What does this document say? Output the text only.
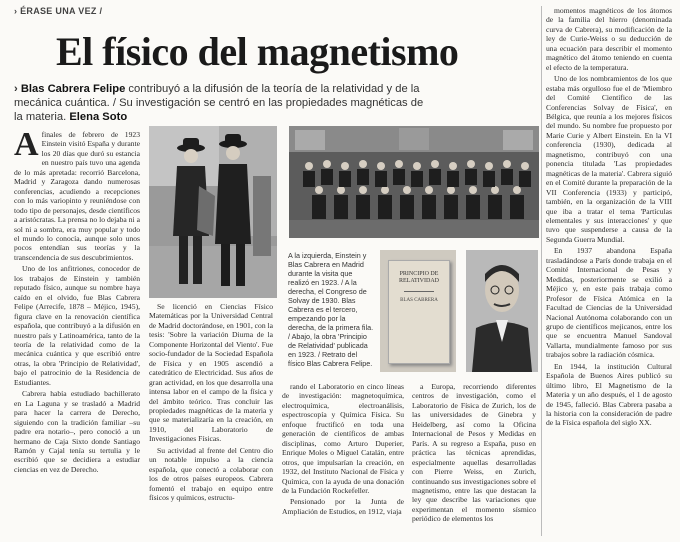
› ÉRASE UNA VEZ /
El físico del magnetismo
› Blas Cabrera Felipe contribuyó a la difusión de la teoría de la relatividad y de la mecánica cuántica. / Su investigación se centró en las propiedades magnéticas de la materia. Elena Soto

Afinales de febrero de 1923 Einstein visitó España y durante los 20 días que duró su estancia en nuestro país tuvo una agenda de lo más apretada: recorrió Barcelona, Madrid y Zaragoza dando numerosas conferencias, acudiendo a recepciones con lo más variopinto y reuniéndose con todo tipo de personajes, desde científicos a aristócratas. La prensa no lo dejaba ni a sol ni a sombra, era muy popular y todo el mundo lo conocía, aunque solo unos pocos entendían sus teorías y la transcendencia de sus descubrimientos.

Uno de los anfitriones, conocedor de los trabajos de Einstein y también reputado físico, aunque su nombre haya caído en el olvido, fue Blas Cabrera Felipe (Arrecife, 1878 – Méjico, 1945), figura clave en la renovación científica española, que contribuyó a la difusión en nuestro país y Latinoamérica, tanto de la teoría de la relatividad como de la mecánica cuántica y que escribió entre otras, la obra 'Principio de Relatividad', bajo el patrocinio de la Residencia de Estudiantes.

Cabrera había estudiado bachillerato en La Laguna y se trasladó a Madrid para hacer la carrera de Derecho, siguiendo con la tradición familiar –su padre era notario–, pero conoció a un hermano de Caja Sixto donde Santiago Ramón y Cajal tenía su tertulia y le escribió que se decidiera a estudiar ciencias en vez de Derecho.

A la izquierda, Einstein y Blas Cabrera en Madrid durante la visita que realizó en 1923. / A la derecha, el Congreso de Solvay de 1930. Blas Cabrera es el tercero, empezando por la derecha, de la primera fila. / Abajo, la obra 'Principio de Relatividad' publicada en 1923. / Retrato del físico Blas Cabrera Felipe.
PRINCIPIO DE RELATIVIDAD
BLAS CABRERA

Se licenció en Ciencias Físico Matemáticas por la Universidad Central de Madrid doctorándose, en 1901, con la tesis: 'Sobre la variación Diurna de la Componente Horizontal del Viento'. Fue socio-fundador de la Sociedad Española de Física y en 1905 ascendió a catedrático de Electricidad. Sus años de gran actividad, en los que desarrolla una intensa labor en el campo de la física y del ámbito teórico. Tras concluir las propiedades magnéticas de la materia y que se materializaría en la creación, en 1910, del Laboratorio de Investigaciones Físicas.

Su actividad al frente del Centro dio un notable impulso a la ciencia española, que conectó a colaborar con los de otros países europeos. Cabrera fomentó el trabajo en equipo entre físicos y químicos, estructu-

rando el Laboratorio en cinco líneas de investigación: magnetoquímica, electroquímica, electroanálisis, espectroscopía y Química Física. Su enfoque fructificó en toda una generación de científicos de ambas disciplinas, como Arturo Duperier, Enrique Moles o Miguel Catalán, entre otros, que impulsarían la creación, en 1932, del Instituto Nacional de Física y Química, con la ayuda de una donación de la Fundación Rockefeller.

Pensionado por la Junta de Ampliación de Estudios, en 1912, viaja

a Europa, recorriendo diferentes centros de investigación, como el Laboratorio de Física de Zurich, los de las universidades de Ginebra y Heidelberg, así como la Oficina Internacional de Pesos y Medidas en París. A su regreso a España, puso en práctica las técnicas aprendidas, especialmente aquellas desarrolladas con Pierre Weiss, en Zurich, continuando sus investigaciones sobre el magnetismo, entre las que destacan la ley que describe las variaciones que experimentan el momento sísmico periódico de elementos los

momentos magnéticos de los átomos de la familia del hierro (denominada curva de Cabrera), su modificación de la ley de Curie-Weiss o su deducción de una ecuación para describir el momento magnético del átomo teniendo en cuenta el efecto de la temperatura.

Uno de los nombramientos de los que estaba más orgulloso fue el de 'Miembro del Comité Científico de las Conferencias Solvay de Física', en Bélgica, que reunía a los mejores físicos del mundo. Su nombre fue propuesto por Marie Curie y Albert Einstein. En la VI conferencia (1930), dedicada al magnetismo, contribuyó con una ponencia titulada 'Las propiedades magnéticas de la materia'. Cabrera siguió en el Comité durante la preparación de la VII Conferencia (1933) y participó, también, en la organización de la VIII que iba a tratar el tema 'Partículas elementales y sus interacciones' y que tuvo que suspenderse a causa de la Segunda Guerra Mundial.

En 1937 abandona España trasladándose a París donde trabaja en el Comité Internacional de Pesas y Medidas, posteriormente se exilió a Méjico y, en este país trabaja como Profesor de Física Atómica en la Facultad de Ciencias de la Universidad Nacional Autónoma colaborando con un grupo de científicos mejicanos, entre los que se encuentra Manuel Sandoval Vallarta, mundialmente famoso por sus trabajos sobre la radiación cósmica.

En 1944, la institución Cultural Española de Buenos Aires publicó su último libro, El Magnetismo de la Materia y un año después, el 1 de agosto de 1945, falleció. Blas Cabrera pasaba a la historia con la consideración de padre de la Física española del siglo XX.
